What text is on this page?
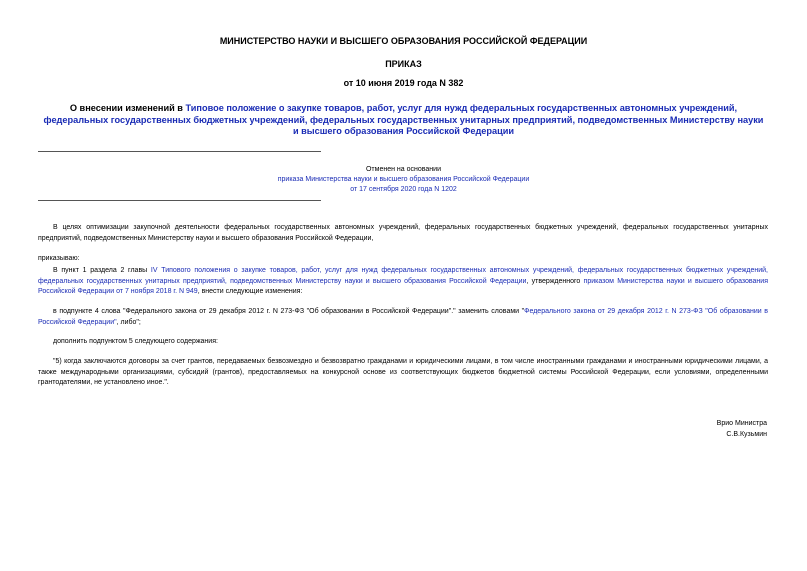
МИНИСТЕРСТВО НАУКИ И ВЫСШЕГО ОБРАЗОВАНИЯ РОССИЙСКОЙ ФЕДЕРАЦИИ
ПРИКАЗ
от 10 июня 2019 года N 382
О внесении изменений в Типовое положение о закупке товаров, работ, услуг для нужд федеральных государственных автономных учреждений, федеральных государственных бюджетных учреждений, федеральных государственных унитарных предприятий, подведомственных Министерству науки и высшего образования Российской Федерации
Отменен на основании
приказа Министерства науки и высшего образования Российской Федерации
от 17 сентября 2020 года N 1202
В целях оптимизации закупочной деятельности федеральных государственных автономных учреждений, федеральных государственных бюджетных учреждений, федеральных государственных унитарных предприятий, подведомственных Министерству науки и высшего образования Российской Федерации,
приказываю:
В пункт 1 раздела 2 главы IV Типового положения о закупке товаров, работ, услуг для нужд федеральных государственных автономных учреждений, федеральных государственных бюджетных учреждений, федеральных государственных унитарных предприятий, подведомственных Министерству науки и высшего образования Российской Федерации, утвержденного приказом Министерства науки и высшего образования Российской Федерации от 7 ноября 2018 г. N 949, внести следующие изменения:
в подпункте 4 слова "Федерального закона от 29 декабря 2012 г. N 273-ФЗ "Об образовании в Российской Федерации"." заменить словами "Федерального закона от 29 декабря 2012 г. N 273-ФЗ "Об образовании в Российской Федерации", либо";
дополнить подпунктом 5 следующего содержания:
"5) когда заключаются договоры за счет грантов, передаваемых безвозмездно и безвозвратно гражданами и юридическими лицами, в том числе иностранными гражданами и иностранными юридическими лицами, а также международными организациями, субсидий (грантов), предоставляемых на конкурсной основе из соответствующих бюджетов бюджетной системы Российской Федерации, если условиями, определенными грантодателями, не установлено иное.".
Врио Министра
С.В.Кузьмин
